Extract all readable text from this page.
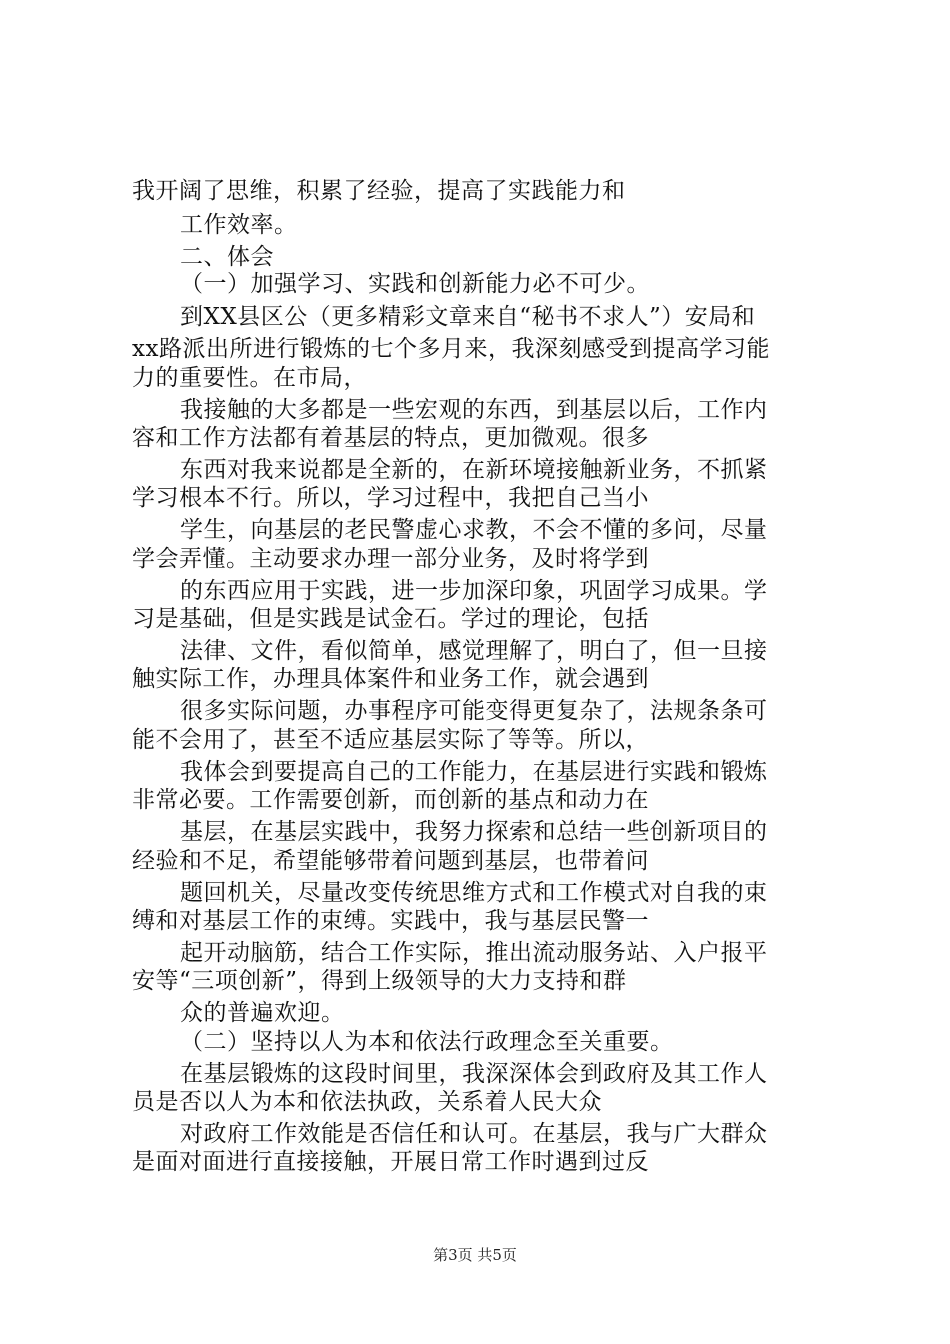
我开阔了思维，积累了经验，提高了实践能力和
工作效率。
二、体会
（一）加强学习、实践和创新能力必不可少。
到XX县区公（更多精彩文章来自“秘书不求人”）安局和
xx路派出所进行锻炼的七个多月来，我深刻感受到提高学习能
力的重要性。在市局，
我接触的大多都是一些宏观的东西，到基层以后，工作内
容和工作方法都有着基层的特点，更加微观。很多
东西对我来说都是全新的，在新环境接触新业务，不抓紧
学习根本不行。所以，学习过程中，我把自己当小
学生，向基层的老民警虚心求教，不会不懂的多问，尽量
学会弄懂。主动要求办理一部分业务，及时将学到
的东西应用于实践，进一步加深印象，巩固学习成果。学
习是基础，但是实践是试金石。学过的理论，包括
法律、文件，看似简单，感觉理解了，明白了，但一旦接
触实际工作，办理具体案件和业务工作，就会遇到
很多实际问题，办事程序可能变得更复杂了，法规条条可
能不会用了，甚至不适应基层实际了等等。所以，
我体会到要提高自己的工作能力，在基层进行实践和锻炼
非常必要。工作需要创新，而创新的基点和动力在
基层，在基层实践中，我努力探索和总结一些创新项目的
经验和不足，希望能够带着问题到基层，也带着问
题回机关，尽量改变传统思维方式和工作模式对自我的束
缚和对基层工作的束缚。实践中，我与基层民警一
起开动脑筋，结合工作实际，推出流动服务站、入户报平
安等“三项创新”，得到上级领导的大力支持和群
众的普遍欢迎。
（二）坚持以人为本和依法行政理念至关重要。
在基层锻炼的这段时间里，我深深体会到政府及其工作人
员是否以人为本和依法执政，关系着人民大众
对政府工作效能是否信任和认可。在基层，我与广大群众
是面对面进行直接接触，开展日常工作时遇到过反
第3页 共5页
